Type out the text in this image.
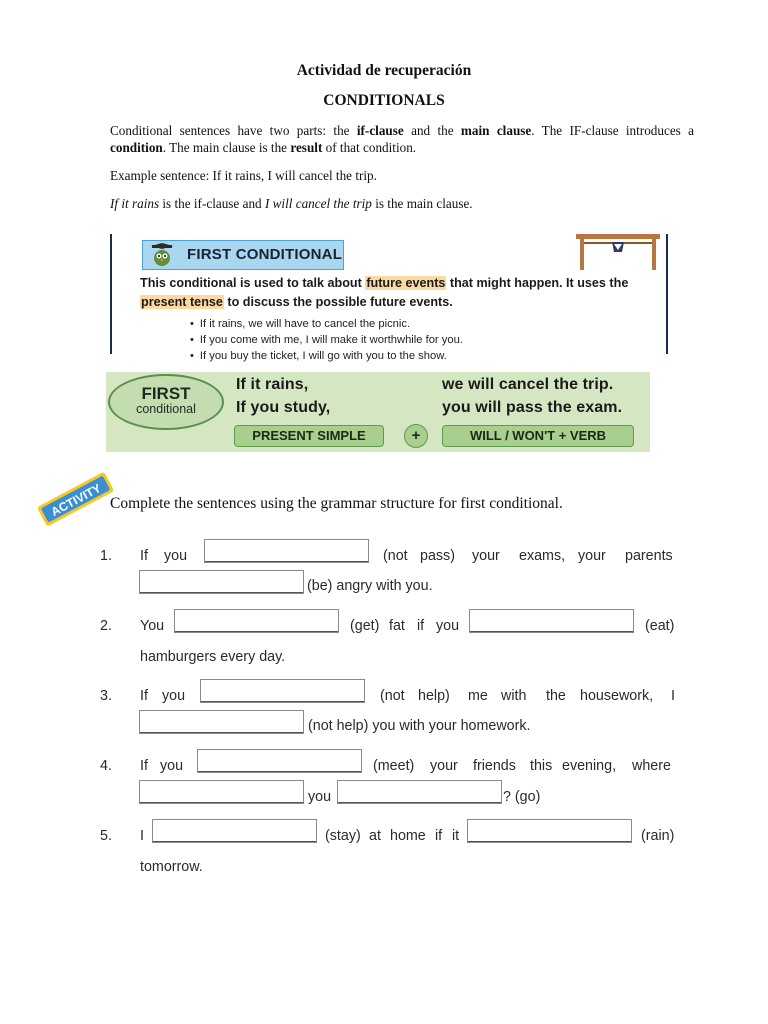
Actividad de recuperación
CONDITIONALS
Conditional sentences have two parts: the if-clause and the main clause. The IF-clause introduces a condition. The main clause is the result of that condition.
Example sentence: If it rains, I will cancel the trip.
If it rains is the if-clause and I will cancel the trip is the main clause.
FIRST CONDITIONAL

This conditional is used to talk about future events that might happen. It uses the present tense to discuss the possible future events.
• If it rains, we will have to cancel the picnic.
• If you come with me, I will make it worthwhile for you.
• If you buy the ticket, I will go with you to the show.
FIRST
conditional
If it rains,
If you study,
we will cancel the trip.
you will pass the exam.
PRESENT SIMPLE	+	WILL / WON'T + VERB
ACTIVITY Complete the sentences using the grammar structure for first conditional.
1. If you	(not pass) your exams, your parents
(be) angry with you.
2. You	(get) fat if you	(eat)
hamburgers every day.
3. If you	(not help) me with the housework, I
(not help) you with your homework.
4. If you	(meet) your friends this evening, where
you	? (go)
5. I	(stay) at home if it	(rain)
tomorrow.
